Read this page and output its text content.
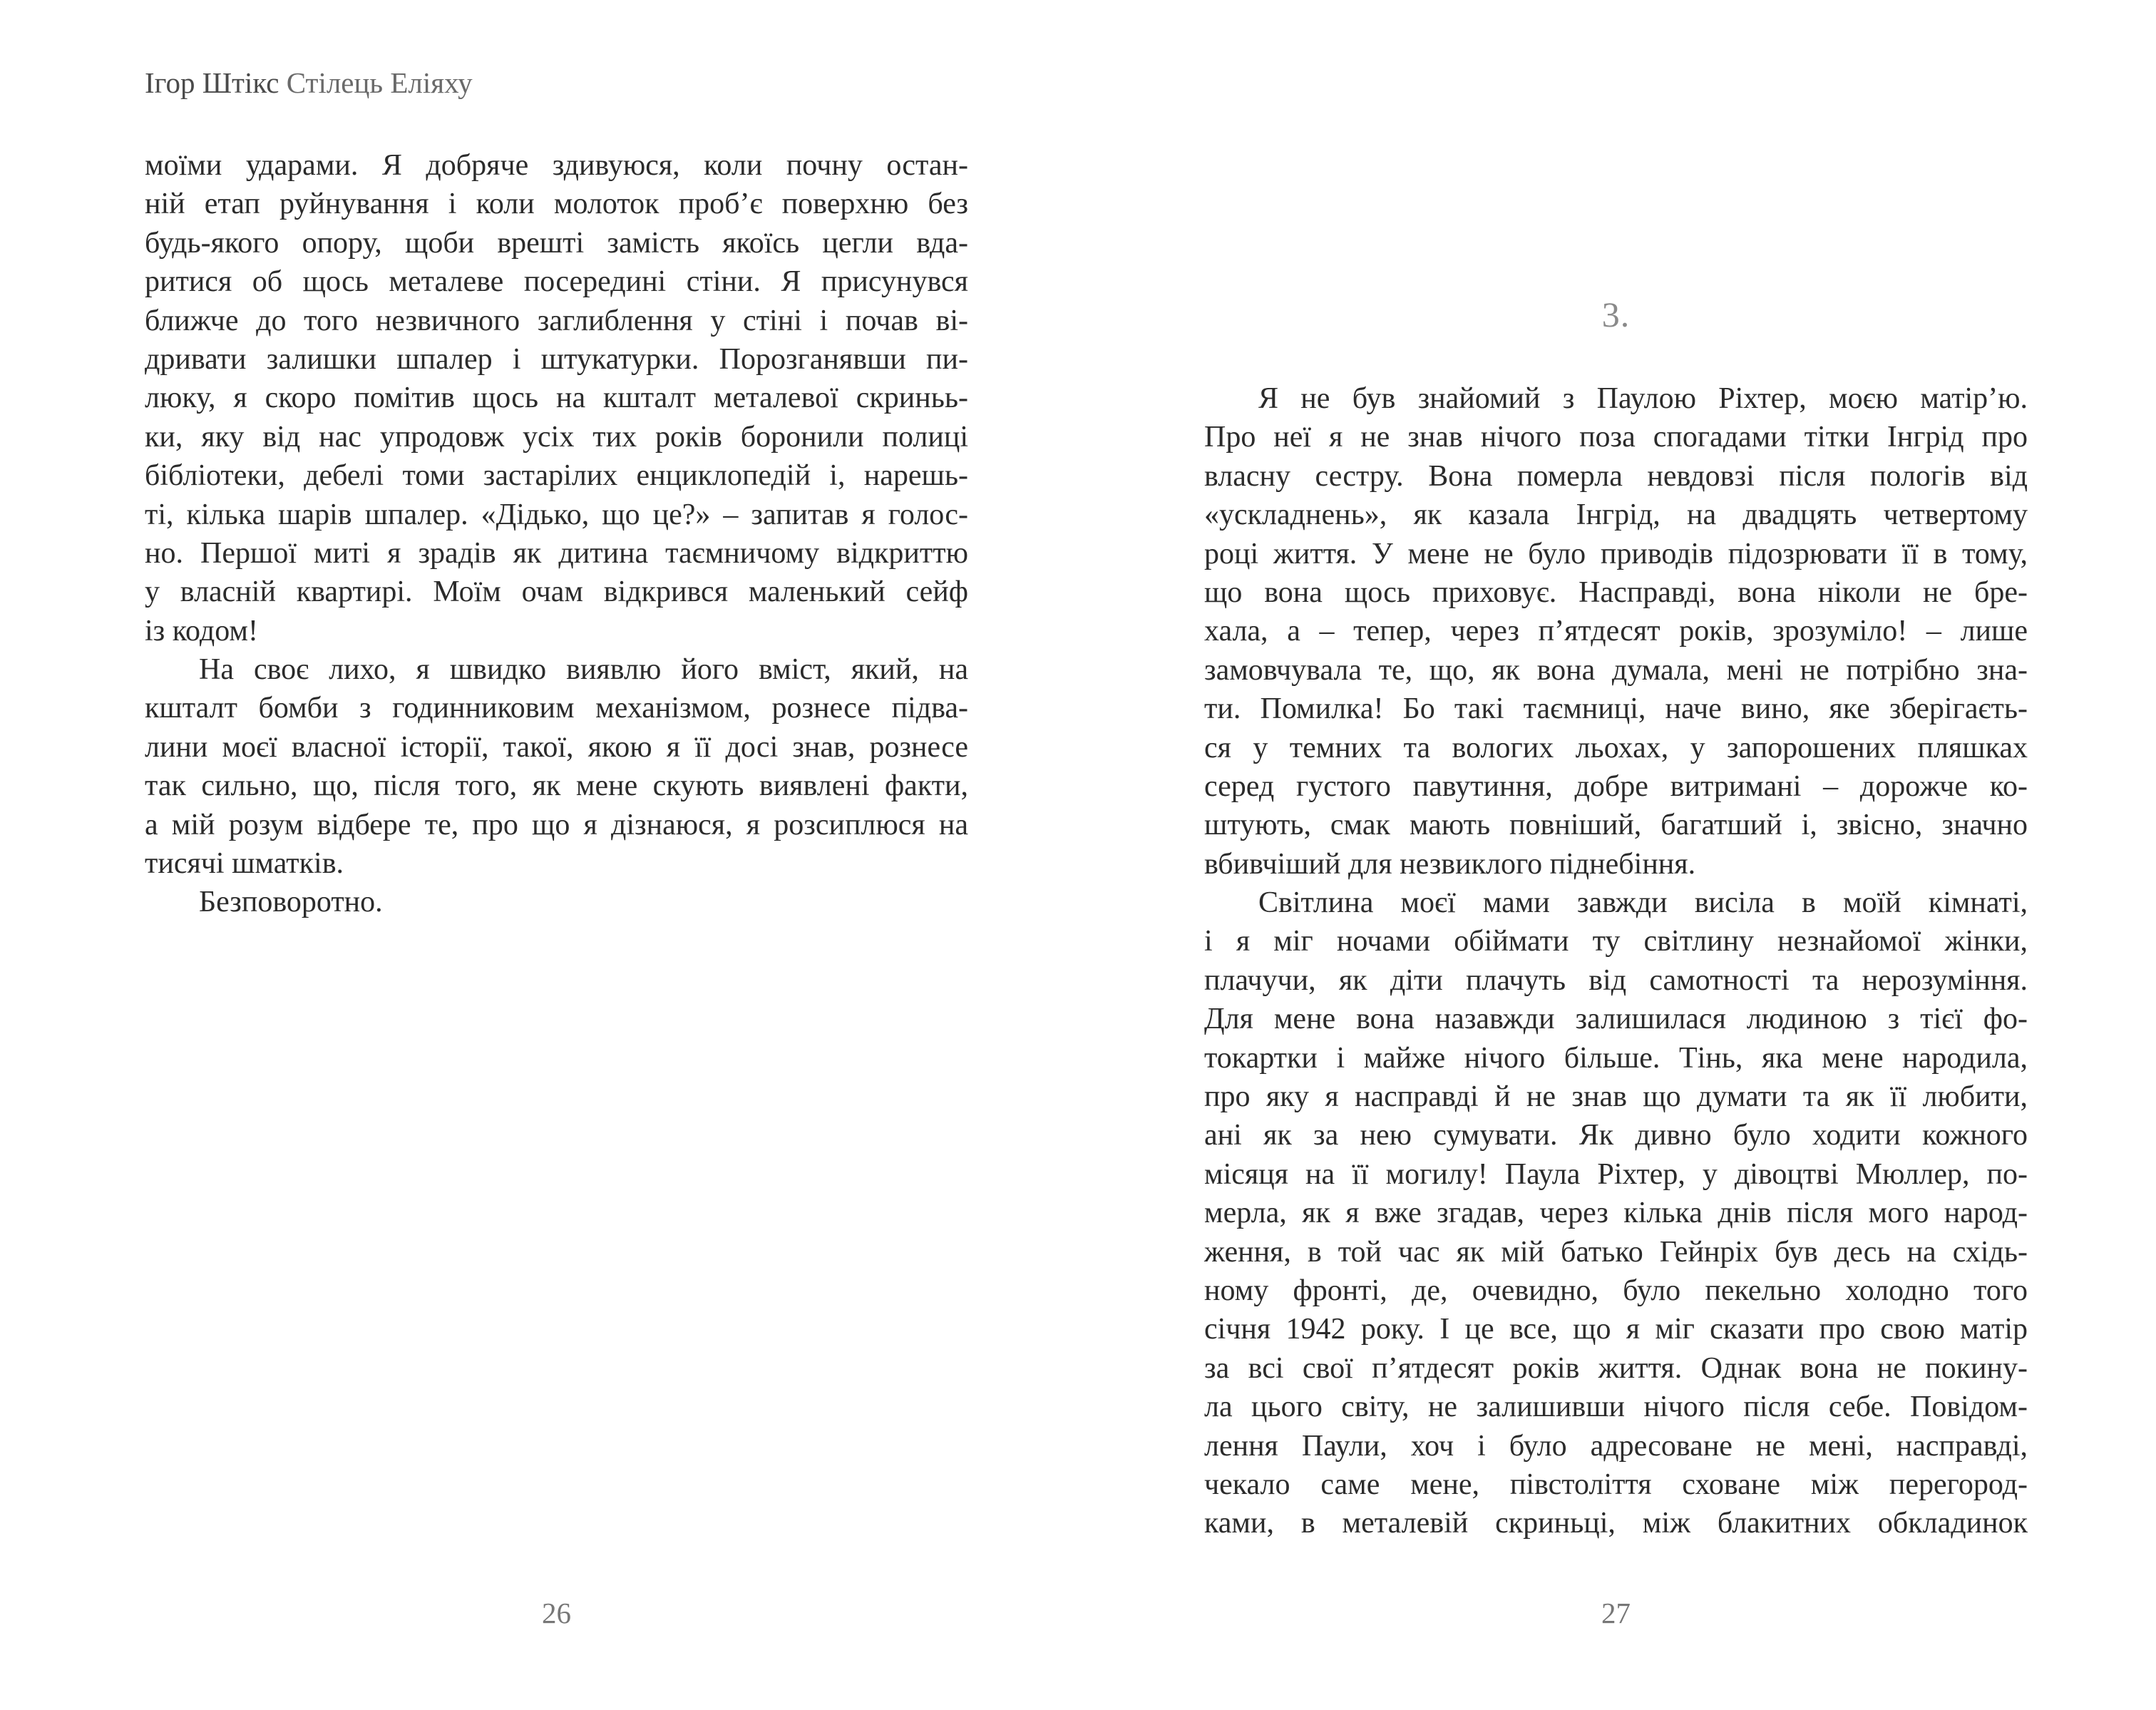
Ігор Штікс Стілець Еліяху
моїми ударами. Я добряче здивуюся, коли почну остан-
ній етап руйнування і коли молоток проб’є поверхню без
будь-якого опору, щоби врешті замість якоїсь цегли вда-
ритися об щось металеве посередині стіни. Я присунувся
ближче до того незвичного заглиблення у стіні і почав ві-
дривати залишки шпалер і штукатурки. Порозганявши пи-
люку, я скоро помітив щось на кшталт металевої скриньь-
ки, яку від нас упродовж усіх тих років боронили полиці
бібліотеки, дебелі томи застарілих енциклопедій і, нарешь-
ті, кілька шарів шпалер. «Дідько, що це?» – запитав я голос-
но. Першої миті я зрадів як дитина таємничому відкриттю
у власній квартирі. Моїм очам відкрився маленький сейф
із кодом!
На своє лихо, я швидко виявлю його вміст, який, на
кшталт бомби з годинниковим механізмом, рознесе підва-
лини моєї власної історії, такої, якою я її досі знав, рознесе
так сильно, що, після того, як мене скують виявлені факти,
а мій розум відбере те, про що я дізнаюся, я розсиплюся на
тисячі шматків.
Безповоротно.
26
3.
Я не був знайомий з Паулою Ріхтер, моєю матір’ю.
Про неї я не знав нічого поза спогадами тітки Інгрід про
власну сестру. Вона померла невдовзі після пологів від
«ускладнень», як казала Інгрід, на двадцять четвертому
році життя. У мене не було приводів підозрювати її в тому,
що вона щось приховує. Насправді, вона ніколи не бре-
хала, а – тепер, через п’ятдесят років, зрозуміло! – лише
замовчувала те, що, як вона думала, мені не потрібно зна-
ти. Помилка! Бо такі таємниці, наче вино, яке зберігаєть-
ся у темних та вологих льохах, у запорошених пляшках
серед густого павутиння, добре витримані – дорожче ко-
штують, смак мають повніший, багатший і, звісно, значно
вбивчіший для незвиклого піднебіння.
Світлина моєї мами завжди висіла в моїй кімнаті,
і я міг ночами обіймати ту світлину незнайомої жінки,
плачучи, як діти плачуть від самотності та нерозуміння.
Для мене вона назавжди залишилася людиною з тієї фо-
токартки і майже нічого більше. Тінь, яка мене народила,
про яку я насправді й не знав що думати та як її любити,
ані як за нею сумувати. Як дивно було ходити кожного
місяця на її могилу! Паула Ріхтер, у дівоцтві Мюллер, по-
мерла, як я вже згадав, через кілька днів після мого народ-
ження, в той час як мій батько Гейнріх був десь на східь-
ному фронті, де, очевидно, було пекельно холодно того
січня 1942 року. І це все, що я міг сказати про свою матір
за всі свої п’ятдесят років життя. Однак вона не покину-
ла цього світу, не залишивши нічого після себе. Повідом-
лення Паули, хоч і було адресоване не мені, насправді,
чекало саме мене, півстоліття сховане між перегород-
ками, в металевій скриньці, між блакитних обкладинок
27
